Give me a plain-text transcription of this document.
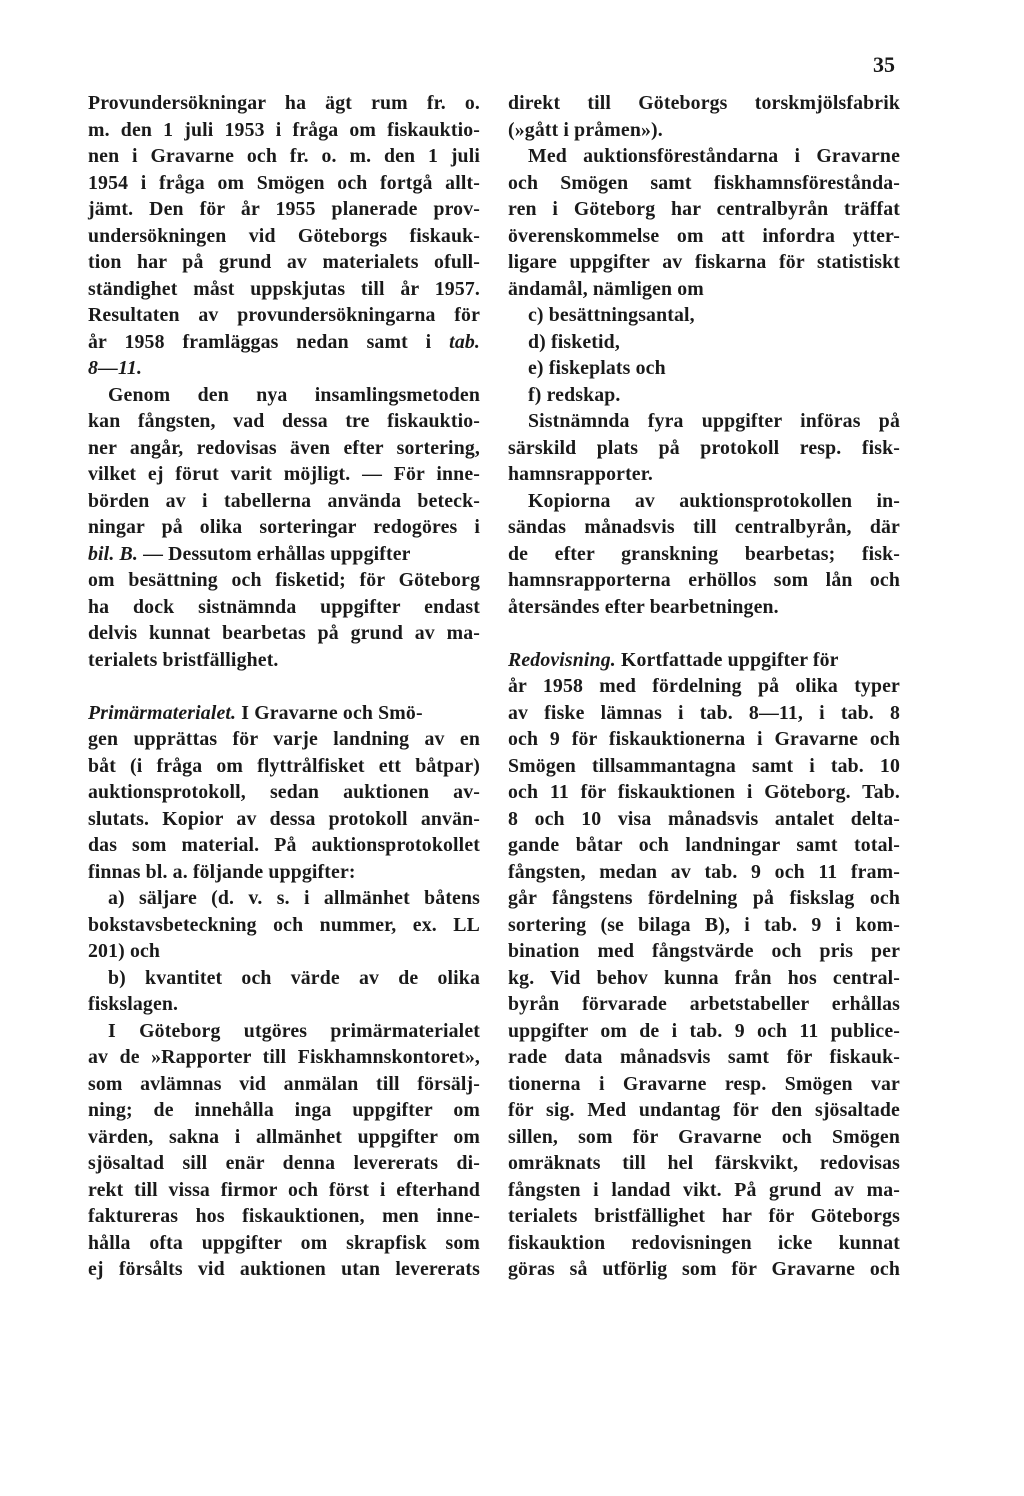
35
Provundersökningar ha ägt rum fr. o.
m. den 1 juli 1953 i fråga om fiskauktio-
nen i Gravarne och fr. o. m. den 1 juli
1954 i fråga om Smögen och fortgå allt-
jämt. Den för år 1955 planerade prov-
undersökningen vid Göteborgs fiskauk-
tion har på grund av materialets ofull-
ständighet måst uppskjutas till år 1957.
Resultaten av provundersökningarna för
år 1958 framläggas nedan samt i tab.
8—11.
Genom den nya insamlingsmetoden
kan fångsten, vad dessa tre fiskauktio-
ner angår, redovisas även efter sortering,
vilket ej förut varit möjligt. — För inne-
börden av i tabellerna använda beteck-
ningar på olika sorteringar redogöres i
bil. B. — Dessutom erhållas uppgifter
om besättning och fisketid; för Göteborg
ha dock sistnämnda uppgifter endast
delvis kunnat bearbetas på grund av ma-
terialets bristfällighet.
Primärmaterialet. I Gravarne och Smö-
gen upprättas för varje landning av en
båt (i fråga om flyttrålfisket ett båtpar)
auktionsprotokoll, sedan auktionen av-
slutats. Kopior av dessa protokoll använ-
das som material. På auktionsprotokollet
finnas bl. a. följande uppgifter:
a) säljare (d. v. s. i allmänhet båtens
bokstavsbeteckning och nummer, ex. LL
201) och
b) kvantitet och värde av de olika
fiskslagen.
I Göteborg utgöres primärmaterialet
av de »Rapporter till Fiskhamnskontoret»,
som avlämnas vid anmälan till försälj-
ning; de innehålla inga uppgifter om
värden, sakna i allmänhet uppgifter om
sjösaltad sill enär denna levererats di-
rekt till vissa firmor och först i efterhand
faktureras hos fiskauktionen, men inne-
hålla ofta uppgifter om skrapfisk som
ej försålts vid auktionen utan levererats
direkt till Göteborgs torskmjölsfabrik
(»gått i pråmen»).
Med auktionsföreståndarna i Gravarne
och Smögen samt fiskhamnsförestånda-
ren i Göteborg har centralbyrån träffat
överenskommelse om att infordra ytter-
ligare uppgifter av fiskarna för statistiskt
ändamål, nämligen om
c) besättningsantal,
d) fisketid,
e) fiskeplats och
f) redskap.
Sistnämnda fyra uppgifter införas på
särskild plats på protokoll resp. fisk-
hamnsrapporter.
Kopiorna av auktionsprotokollen in-
sändas månadsvis till centralbyrån, där
de efter granskning bearbetas; fisk-
hamnsrapporterna erhöllos som lån och
återsändes efter bearbetningen.
Redovisning. Kortfattade uppgifter för
år 1958 med fördelning på olika typer
av fiske lämnas i tab. 8—11, i tab. 8
och 9 för fiskauktionerna i Gravarne och
Smögen tillsammantagna samt i tab. 10
och 11 för fiskauktionen i Göteborg. Tab.
8 och 10 visa månadsvis antalet delta-
gande båtar och landningar samt total-
fångsten, medan av tab. 9 och 11 fram-
går fångstens fördelning på fiskslag och
sortering (se bilaga B), i tab. 9 i kom-
bination med fångstvärde och pris per
kg. Vid behov kunna från hos central-
byrån förvarade arbetstabeller erhållas
uppgifter om de i tab. 9 och 11 publice-
rade data månadsvis samt för fiskauk-
tionerna i Gravarne resp. Smögen var
för sig. Med undantag för den sjösaltade
sillen, som för Gravarne och Smögen
omräknats till hel färskvikt, redovisas
fångsten i landad vikt. På grund av ma-
terialets bristfällighet har för Göteborgs
fiskauktion redovisningen icke kunnat
göras så utförlig som för Gravarne och
